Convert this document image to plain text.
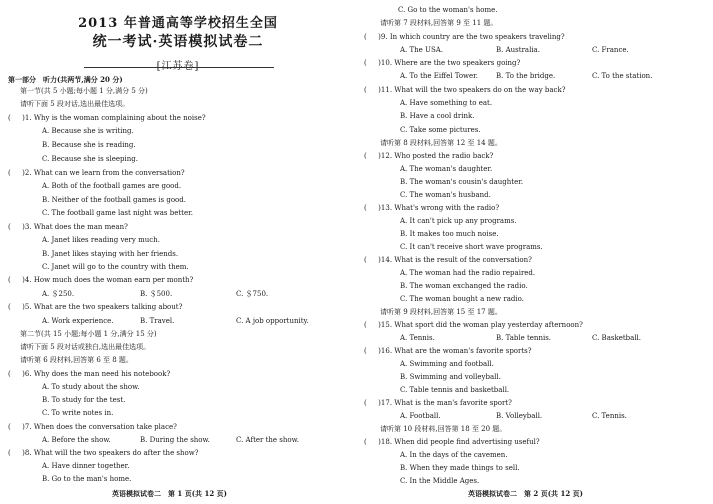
2013 年普通高等学校招生全国
统一考试·英语模拟试卷二
[江苏卷]
第一部分　听力(共两节,满分 20 分)
第一节(共 5 小题;每小题 1 分,满分 5 分)
请听下面 5 段对话,选出最佳选项。
( 　 )1. Why is the woman complaining about the noise?
A. Because she is writing.
B. Because she is reading.
C. Because she is sleeping.
( 　 )2. What can we learn from the conversation?
A. Both of the football games are good.
B. Neither of the football games is good.
C. The football game last night was better.
( 　 )3. What does the man mean?
A. Janet likes reading very much.
B. Janet likes staying with her friends.
C. Janet will go to the country with them.
( 　 )4. How much does the woman earn per month?
A. ＄250.	B. ＄500.	C. ＄750.
( 　 )5. What are the two speakers talking about?
A. Work experience.	B. Travel.	C. A job opportunity.
第二节(共 15 小题;每小题 1 分,满分 15 分)
请听下面 5 段对话或独白,选出最佳选项。
请听第 6 段材料,回答第 6 至 8 题。
( 　 )6. Why does the man need his notebook?
A. To study about the show.
B. To study for the test.
C. To write notes in.
( 　 )7. When does the conversation take place?
A. Before the show.	B. During the show.	C. After the show.
( 　 )8. What will the two speakers do after the show?
A. Have dinner together.
B. Go to the man's home.
英语模拟试卷二　第 1 页(共 12 页)
C. Go to the woman's home.
请听第 7 段材料,回答第 9 至 11 题。
( 　 )9. In which country are the two speakers traveling?
A. The USA.	B. Australia.	C. France.
( 　 )10. Where are the two speakers going?
A. To the Eiffel Tower.	B. To the bridge.	C. To the station.
( 　 )11. What will the two speakers do on the way back?
A. Have something to eat.
B. Have a cool drink.
C. Take some pictures.
请听第 8 段材料,回答第 12 至 14 题。
( 　 )12. Who posted the radio back?
A. The woman's daughter.
B. The woman's cousin's daughter.
C. The woman's husband.
( 　 )13. What's wrong with the radio?
A. It can't pick up any programs.
B. It makes too much noise.
C. It can't receive short wave programs.
( 　 )14. What is the result of the conversation?
A. The woman had the radio repaired.
B. The woman exchanged the radio.
C. The woman bought a new radio.
请听第 9 段材料,回答第 15 至 17 题。
( 　 )15. What sport did the woman play yesterday afternoon?
A. Tennis.	B. Table tennis.	C. Basketball.
( 　 )16. What are the woman's favorite sports?
A. Swimming and football.
B. Swimming and volleyball.
C. Table tennis and basketball.
( 　 )17. What is the man's favorite sport?
A. Football.	B. Volleyball.	C. Tennis.
请听第 10 段材料,回答第 18 至 20 题。
( 　 )18. When did people find advertising useful?
A. In the days of the cavemen.
B. When they made things to sell.
C. In the Middle Ages.
英语模拟试卷二　第 2 页(共 12 页)
